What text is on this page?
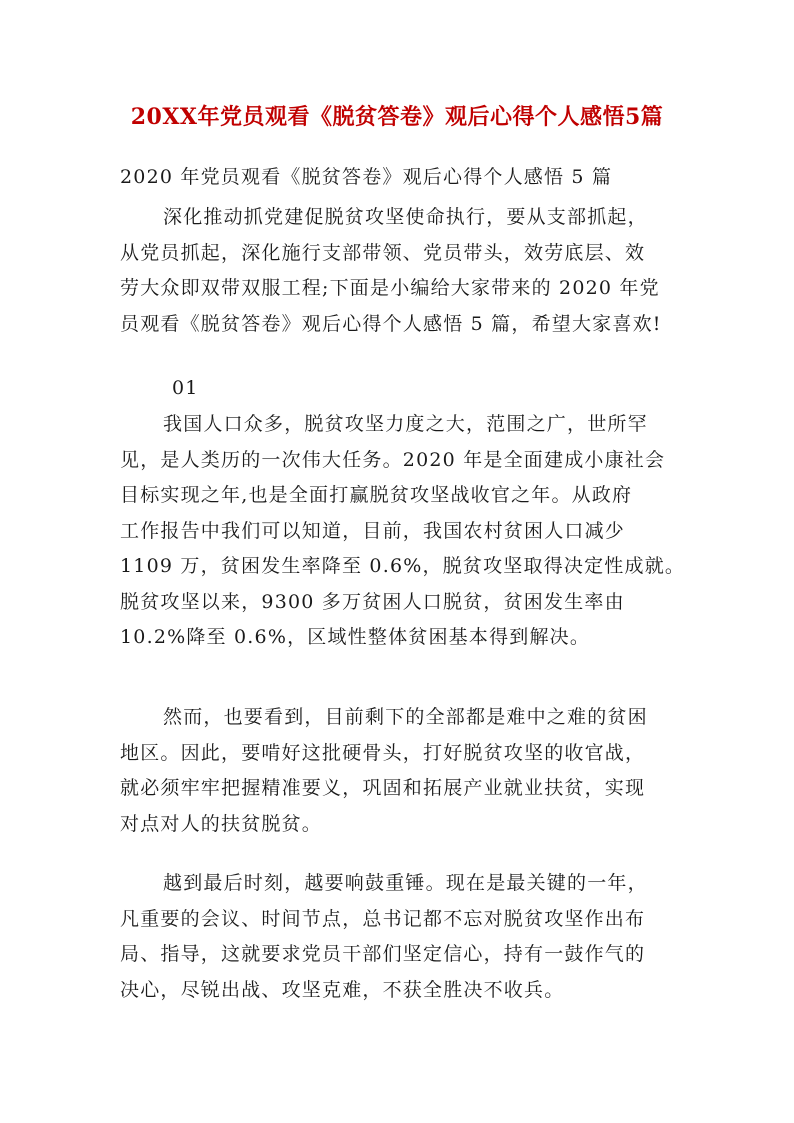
20XX年党员观看《脱贫答卷》观后心得个人感悟5篇
2020 年党员观看《脱贫答卷》观后心得个人感悟 5 篇
深化推动抓党建促脱贫攻坚使命执行，要从支部抓起，
从党员抓起，深化施行支部带领、党员带头，效劳底层、效
劳大众即双带双服工程;下面是小编给大家带来的 2020 年党
员观看《脱贫答卷》观后心得个人感悟 5 篇，希望大家喜欢!
01
我国人口众多，脱贫攻坚力度之大，范围之广，世所罕
见，是人类历的一次伟大任务。2020 年是全面建成小康社会
目标实现之年,也是全面打赢脱贫攻坚战收官之年。从政府
工作报告中我们可以知道，目前，我国农村贫困人口减少
1109 万，贫困发生率降至 0.6%，脱贫攻坚取得决定性成就。
脱贫攻坚以来，9300 多万贫困人口脱贫，贫困发生率由
10.2%降至 0.6%，区域性整体贫困基本得到解决。
然而，也要看到，目前剩下的全部都是难中之难的贫困
地区。因此，要啃好这批硬骨头，打好脱贫攻坚的收官战，
就必须牢牢把握精准要义，巩固和拓展产业就业扶贫，实现
对点对人的扶贫脱贫。
越到最后时刻，越要响鼓重锤。现在是最关键的一年，
凡重要的会议、时间节点，总书记都不忘对脱贫攻坚作出布
局、指导，这就要求党员干部们坚定信心，持有一鼓作气的
决心，尽锐出战、攻坚克难，不获全胜决不收兵。
